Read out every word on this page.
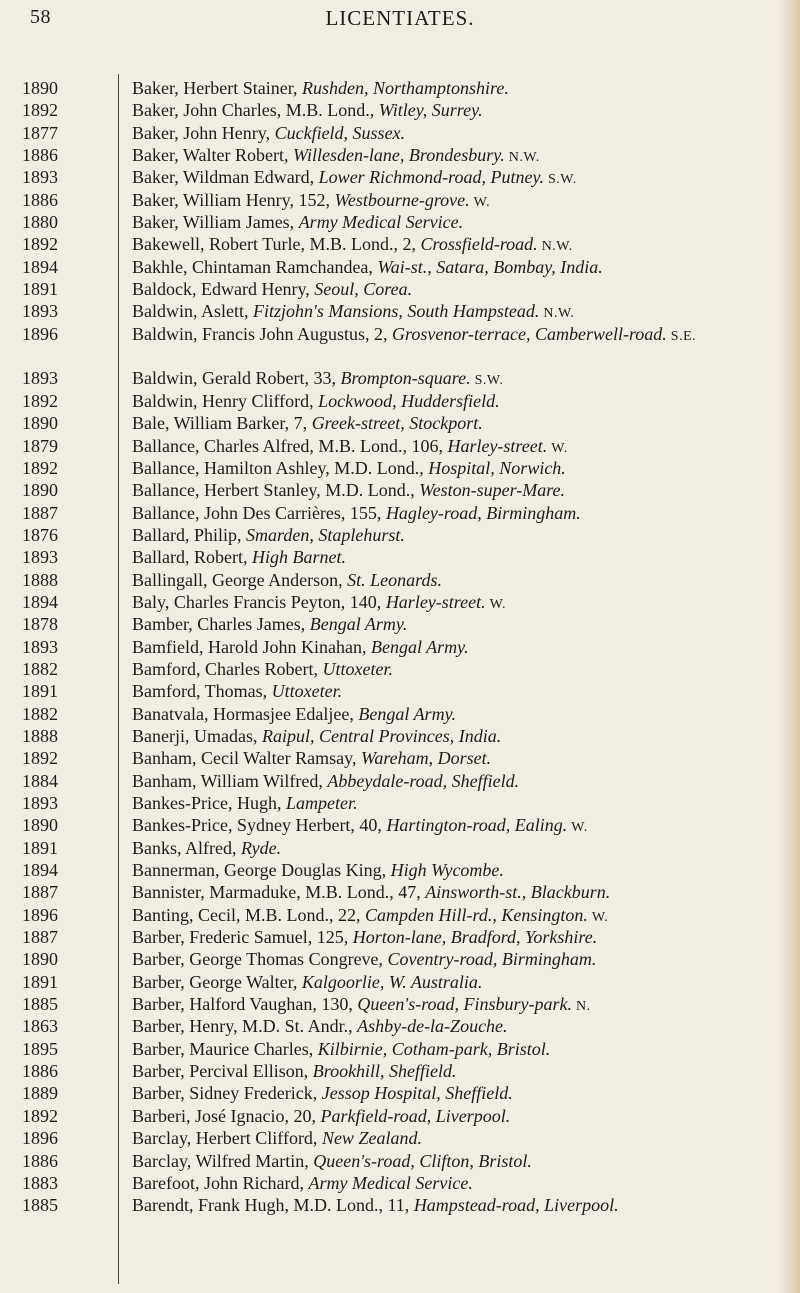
58	LICENTIATES.
1890	Baker, Herbert Stainer, Rushden, Northamptonshire.
1892	Baker, John Charles, M.B. Lond., Witley, Surrey.
1877	Baker, John Henry, Cuckfield, Sussex.
1886	Baker, Walter Robert, Willesden-lane, Brondesbury. N.W.
1893	Baker, Wildman Edward, Lower Richmond-road, Putney. S.W.
1886	Baker, William Henry, 152, Westbourne-grove. W.
1880	Baker, William James, Army Medical Service.
1892	Bakewell, Robert Turle, M.B. Lond., 2, Crossfield-road. N.W.
1894	Bakhle, Chintaman Ramchandea, Wai-st., Satara, Bombay, India.
1891	Baldock, Edward Henry, Seoul, Corea.
1893	Baldwin, Aslett, Fitzjohn's Mansions, South Hampstead. N.W.
1896	Baldwin, Francis John Augustus, 2, Grosvenor-terrace, Camberwell-road. S.E.
1893	Baldwin, Gerald Robert, 33, Brompton-square. S.W.
1892	Baldwin, Henry Clifford, Lockwood, Huddersfield.
1890	Bale, William Barker, 7, Greek-street, Stockport.
1879	Ballance, Charles Alfred, M.B. Lond., 106, Harley-street. W.
1892	Ballance, Hamilton Ashley, M.D. Lond., Hospital, Norwich.
1890	Ballance, Herbert Stanley, M.D. Lond., Weston-super-Mare.
1887	Ballance, John Des Carrières, 155, Hagley-road, Birmingham.
1876	Ballard, Philip, Smarden, Staplehurst.
1893	Ballard, Robert, High Barnet.
1888	Ballingall, George Anderson, St. Leonards.
1894	Baly, Charles Francis Peyton, 140, Harley-street. W.
1878	Bamber, Charles James, Bengal Army.
1893	Bamfield, Harold John Kinahan, Bengal Army.
1882	Bamford, Charles Robert, Uttoxeter.
1891	Bamford, Thomas, Uttoxeter.
1882	Banatvala, Hormasjee Edaljee, Bengal Army.
1888	Banerji, Umadas, Raipul, Central Provinces, India.
1892	Banham, Cecil Walter Ramsay, Wareham, Dorset.
1884	Banham, William Wilfred, Abbeydale-road, Sheffield.
1893	Bankes-Price, Hugh, Lampeter.
1890	Bankes-Price, Sydney Herbert, 40, Hartington-road, Ealing. W.
1891	Banks, Alfred, Ryde.
1894	Bannerman, George Douglas King, High Wycombe.
1887	Bannister, Marmaduke, M.B. Lond., 47, Ainsworth-st., Blackburn.
1896	Banting, Cecil, M.B. Lond., 22, Campden Hill-rd., Kensington. W.
1887	Barber, Frederic Samuel, 125, Horton-lane, Bradford, Yorkshire.
1890	Barber, George Thomas Congreve, Coventry-road, Birmingham.
1891	Barber, George Walter, Kalgoorlie, W. Australia.
1885	Barber, Halford Vaughan, 130, Queen's-road, Finsbury-park. N.
1863	Barber, Henry, M.D. St. Andr., Ashby-de-la-Zouche.
1895	Barber, Maurice Charles, Kilbirnie, Cotham-park, Bristol.
1886	Barber, Percival Ellison, Brookhill, Sheffield.
1889	Barber, Sidney Frederick, Jessop Hospital, Sheffield.
1892	Barberi, José Ignacio, 20, Parkfield-road, Liverpool.
1896	Barclay, Herbert Clifford, New Zealand.
1886	Barclay, Wilfred Martin, Queen's-road, Clifton, Bristol.
1883	Barefoot, John Richard, Army Medical Service.
1885	Barendt, Frank Hugh, M.D. Lond., 11, Hampstead-road, Liverpool.
